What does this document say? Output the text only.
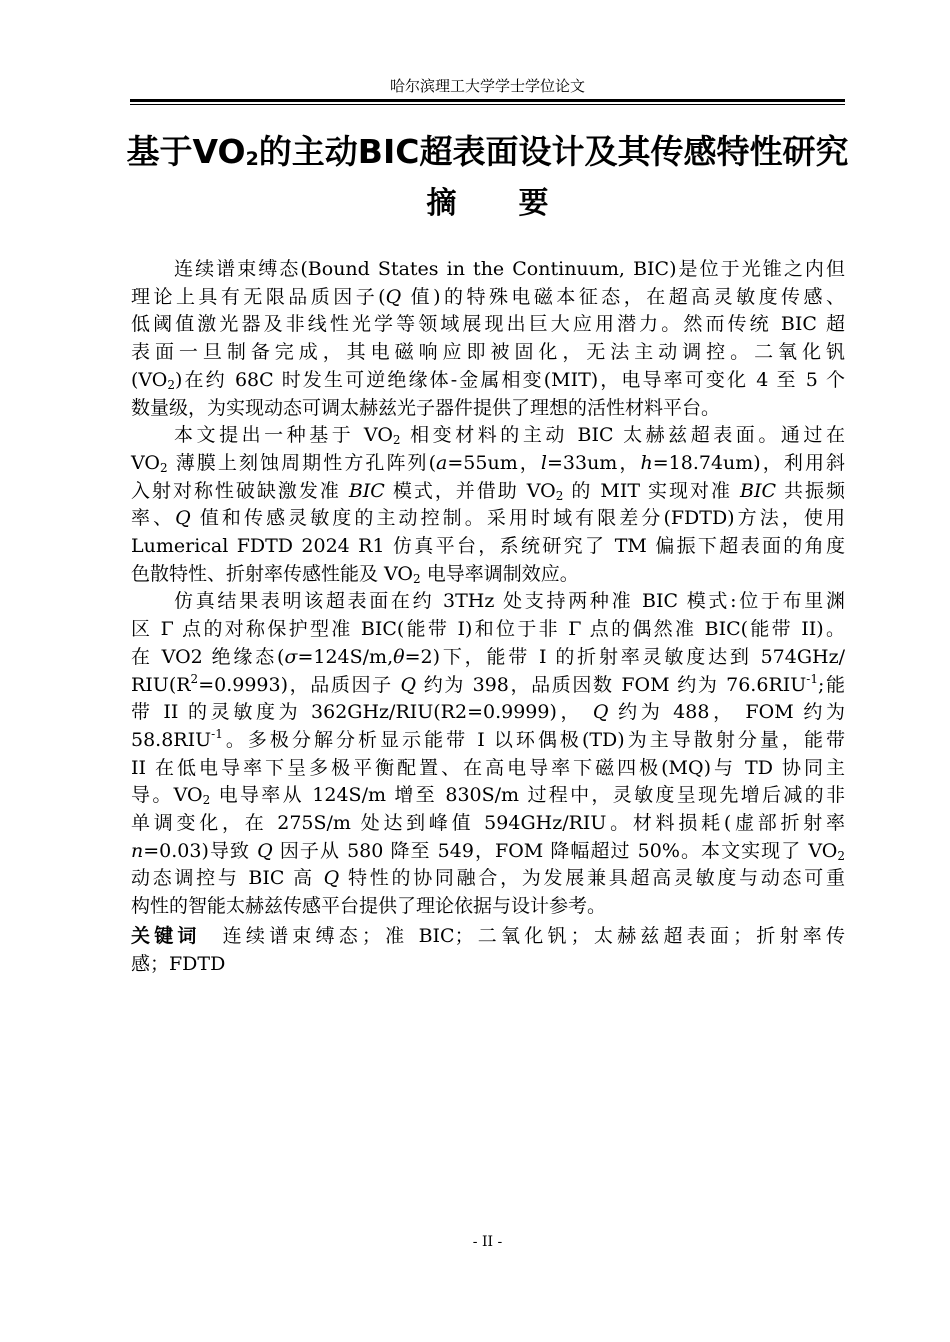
哈尔滨理工大学学士学位论文
基于$VO_2$的主动BIC超表面设计及其传感特性研究
摘要
连续谱束缚态(Bound States in the Continuum, BIC)是位于光锥之内但
理论上具有无限品质因子(Q 值)的特殊电磁本征态，在超高灵敏度传感、
低阈值激光器及非线性光学等领域展现出巨大应用潜力。然而传统 BIC 超
表面一旦制备完成，其电磁响应即被固化，无法主动调控。二氧化钒
$(VO_2)$在约 68C 时发生可逆绝缘体-金属相变(MIT)，电导率可变化 4 至 5 个
数量级，为实现动态可调太赫兹光子器件提供了理想的活性材料平台。
本文提出一种基于 $VO_2$ 相变材料的主动 BIC 太赫兹超表面。通过在
$VO_2$ 薄膜上刻蚀周期性方孔阵列(a=55um，l=33um，h=18.74um)，利用斜
入射对称性破缺激发准 BIC 模式，并借助 $VO_2$ 的 MIT 实现对准 BIC 共振频
率、Q 值和传感灵敏度的主动控制。采用时域有限差分(FDTD)方法，使用
Lumerical FDTD 2024 R1 仿真平台，系统研究了 TM 偏振下超表面的角度
色散特性、折射率传感性能及 $VO_2$ 电导率调制效应。
仿真结果表明该超表面在约 3THz 处支持两种准 BIC 模式:位于布里渊
区 Γ 点的对称保护型准 BIC(能带 I)和位于非 Γ 点的偶然准 BIC(能带 II)。
在 VO2 绝缘态(σ=124S/m,θ=2)下，能带 I 的折射率灵敏度达到 574GHz/
$RIU(R^2=0.9993)$，品质因子 Q 约为 398，品质因数 FOM 约为 $76.6RIU^{-1}$;能
带 II 的灵敏度为 362GHz/RIU(R2=0.9999)， Q 约为 488， FOM 约为
$58.8RIU^{-1}$。多极分解分析显示能带 I 以环偶极(TD)为主导散射分量，能带
II 在低电导率下呈多极平衡配置、在高电导率下磁四极(MQ)与 TD 协同主
导。$VO_2$ 电导率从 124S/m 增至 830S/m 过程中，灵敏度呈现先增后减的非
单调变化，在 275S/m 处达到峰值 594GHz/RIU。材料损耗(虚部折射率
n=0.03)导致 Q 因子从 580 降至 549，FOM 降幅超过 50%。本文实现了 $VO_2$
动态调控与 BIC 高 Q 特性的协同融合，为发展兼具超高灵敏度与动态可重
构性的智能太赫兹传感平台提供了理论依据与设计参考。
关键词 连续谱束缚态；准 BIC；二氧化钒；太赫兹超表面；折射率传
感；FDTD
- II -
